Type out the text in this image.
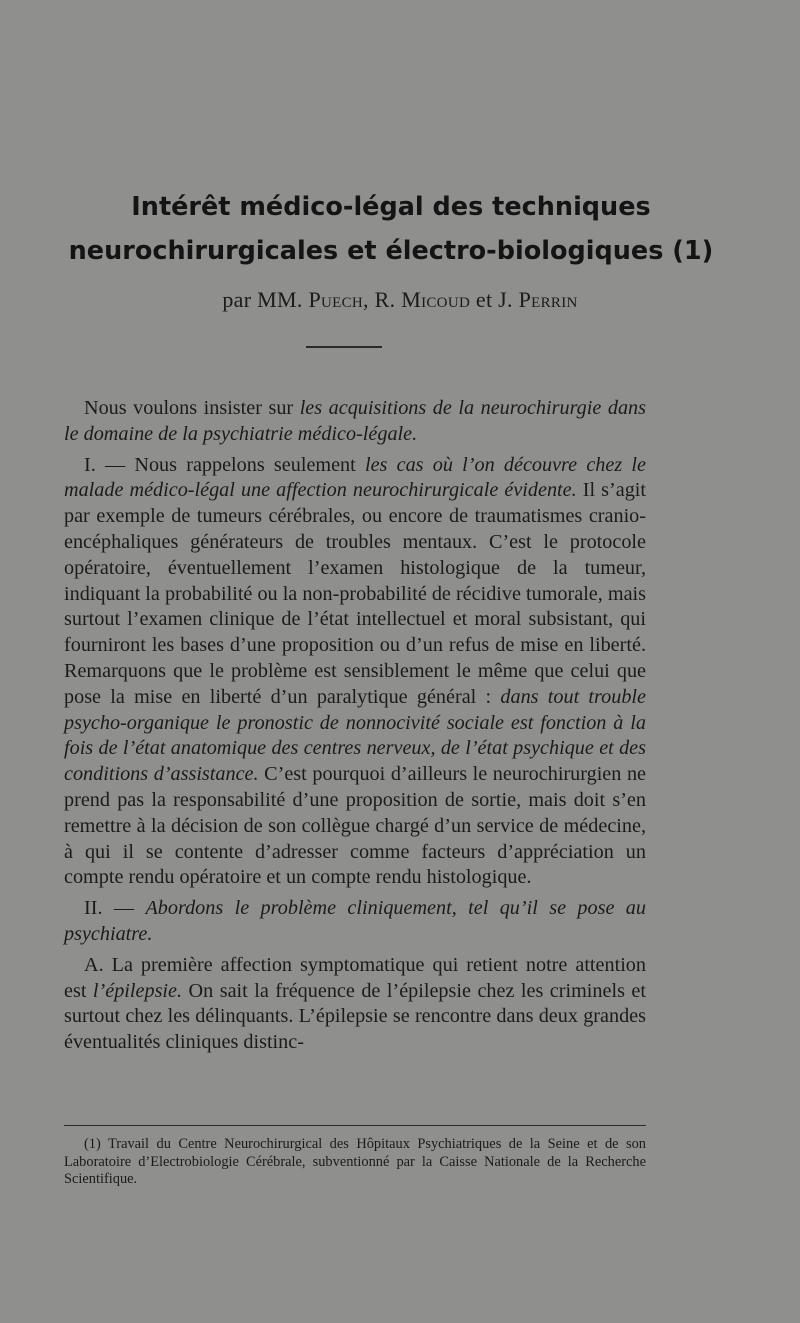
Intérêt médico-légal des techniques
neurochirurgicales et électro-biologiques (1)
par MM. Puech, R. Micoud et J. Perrin

Nous voulons insister sur les acquisitions de la neurochirurgie dans le domaine de la psychiatrie médico-légale.

I. — Nous rappelons seulement les cas où l’on découvre chez le malade médico-légal une affection neurochirurgicale évidente. Il s’agit par exemple de tumeurs cérébrales, ou encore de traumatismes cranio-encéphaliques générateurs de troubles mentaux. C’est le protocole opératoire, éventuellement l’examen histologique de la tumeur, indiquant la probabilité ou la non-probabilité de récidive tumorale, mais surtout l’examen clinique de l’état intellectuel et moral subsistant, qui fourniront les bases d’une proposition ou d’un refus de mise en liberté. Remarquons que le problème est sensiblement le même que celui que pose la mise en liberté d’un paralytique général : dans tout trouble psycho-organique le pronostic de nonnocivité sociale est fonction à la fois de l’état anatomique des centres nerveux, de l’état psychique et des conditions d’assistance. C’est pourquoi d’ailleurs le neurochirurgien ne prend pas la responsabilité d’une proposition de sortie, mais doit s’en remettre à la décision de son collègue chargé d’un service de médecine, à qui il se contente d’adresser comme facteurs d’appréciation un compte rendu opératoire et un compte rendu histologique.

II. — Abordons le problème cliniquement, tel qu’il se pose au psychiatre.

A. La première affection symptomatique qui retient notre attention est l’épilepsie. On sait la fréquence de l’épilepsie chez les criminels et surtout chez les délinquants. L’épilepsie se rencontre dans deux grandes éventualités cliniques distinc-

(1) Travail du Centre Neurochirurgical des Hôpitaux Psychiatriques de la Seine et de son Laboratoire d’Electrobiologie Cérébrale, subventionné par la Caisse Nationale de la Recherche Scientifique.
